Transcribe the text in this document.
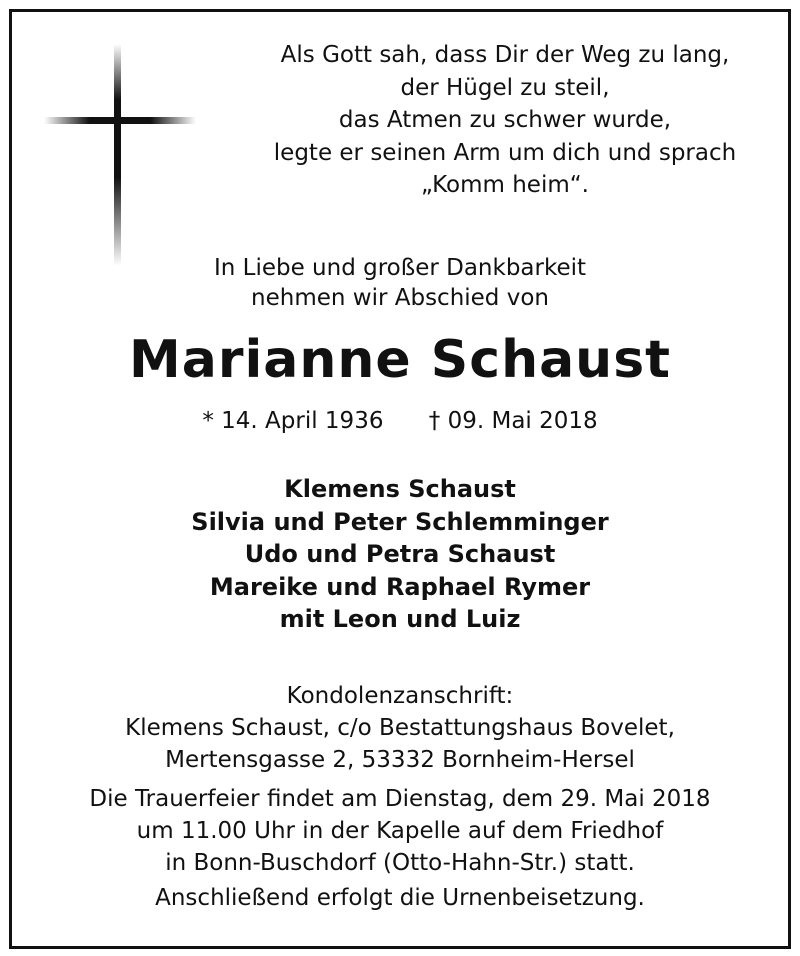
Als Gott sah, dass Dir der Weg zu lang,
der Hügel zu steil,
das Atmen zu schwer wurde,
legte er seinen Arm um dich und sprach
„Komm heim“.
In Liebe und großer Dankbarkeit
nehmen wir Abschied von
Marianne Schaust
* 14. April 1936 † 09. Mai 2018
Klemens Schaust
Silvia und Peter Schlemminger
Udo und Petra Schaust
Mareike und Raphael Rymer
mit Leon und Luiz
Kondolenzanschrift:
Klemens Schaust, c/o Bestattungshaus Bovelet,
Mertensgasse 2, 53332 Bornheim-Hersel
Die Trauerfeier findet am Dienstag, dem 29. Mai 2018
um 11.00 Uhr in der Kapelle auf dem Friedhof
in Bonn-Buschdorf (Otto-Hahn-Str.) statt.
Anschließend erfolgt die Urnenbeisetzung.
